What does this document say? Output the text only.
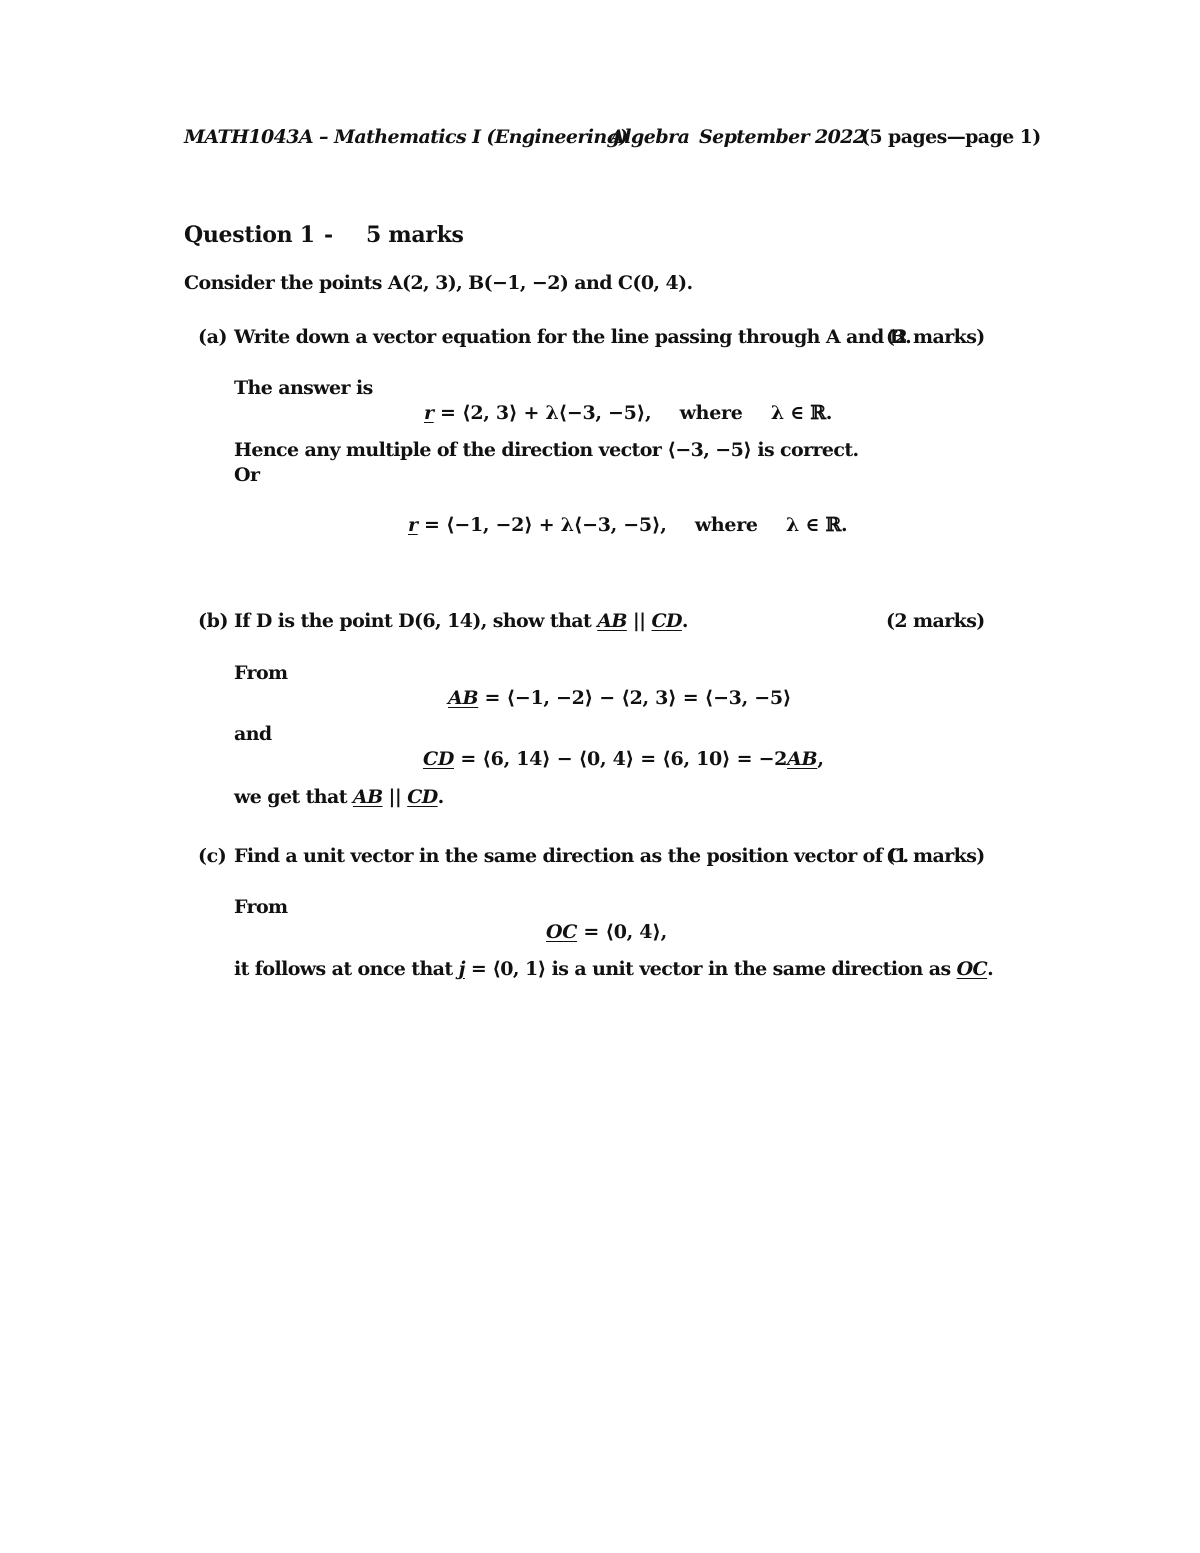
MATH1043A – Mathematics I (Engineering)
Algebra September 2022
(5 pages—page 1)
Question 1 - 5 marks
Consider the points A(2, 3), B(−1, −2) and C(0, 4).
(a) Write down a vector equation for the line passing through A and B.
(2 marks)
The answer is
r = ⟨2, 3⟩ + λ⟨−3, −5⟩, where λ ∈ ℝ.
Hence any multiple of the direction vector ⟨−3, −5⟩ is correct.
Or
r = ⟨−1, −2⟩ + λ⟨−3, −5⟩, where λ ∈ ℝ.
(b) If D is the point D(6, 14), show that AB || CD.	(2 marks)
From
AB = ⟨−1, −2⟩ − ⟨2, 3⟩ = ⟨−3, −5⟩
and
CD = ⟨6, 14⟩ − ⟨0, 4⟩ = ⟨6, 10⟩ = −2AB,
we get that AB || CD.
(c) Find a unit vector in the same direction as the position vector of C.
(1 marks)
From
OC = ⟨0, 4⟩,
it follows at once that j = ⟨0, 1⟩ is a unit vector in the same direction as OC.
